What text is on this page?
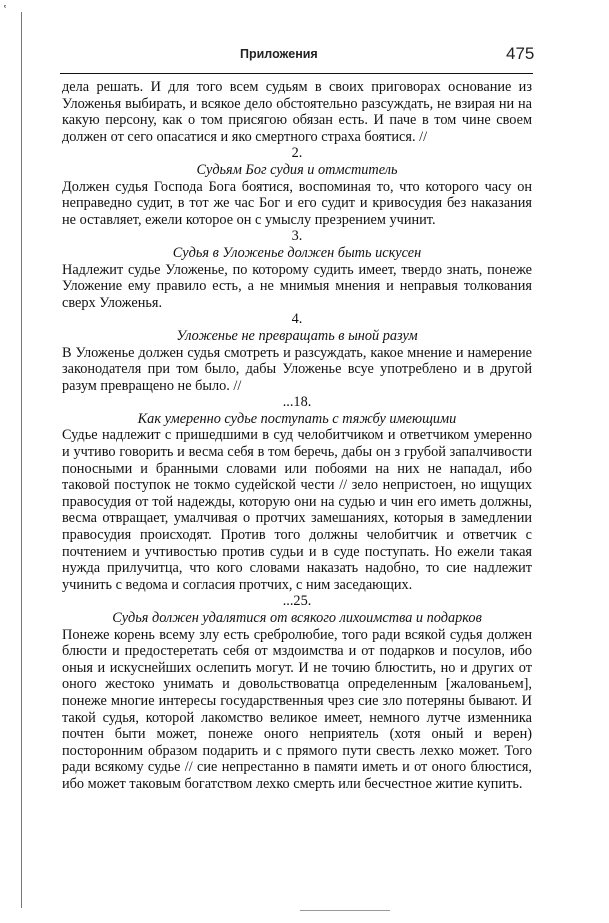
ʽ
Приложения	475

дела решать. И для того всем судьям в своих приговорах основание из Уложенья выбирать, и всякое дело обстоятельно разсуждать, не взирая ни на какую персону, как о том присягою обязан есть. И паче в том чине своем должен от сего опасатися и яко смертного страха боятися. //

2.
Судьям Бог судия и отмститель

Должен судья Господа Бога боятися, воспоминая то, что которого часу он неправедно судит, в тот же час Бог и его судит и кривосудия без наказания не оставляет, ежели которое он с умыслу презрением учинит.

3.
Судья в Уложенье должен быть искусен

Надлежит судье Уложенье, по которому судить имеет, твердо знать, понеже Уложение ему правило есть, а не мнимыя мнения и неправыя толкования сверх Уложенья.

4.
Уложенье не превращать в ыной разум

В Уложенье должен судья смотреть и разсуждать, какое мнение и намерение законодателя при том было, дабы Уложенье всуе употреблено и в другой разум превращено не было. //

...18.
Как умеренно судье поступать с тяжбу имеющими

Судье надлежит с пришедшими в суд челобитчиком и ответчиком умеренно и учтиво говорить и весма себя в том беречь, дабы он з грубой запалчивости поносными и бранными словами или побоями на них не нападал, ибо таковой поступок не токмо судейской чести // зело непристоен, но ищущих правосудия от той надежды, которую они на судью и чин его иметь должны, весма отвращает, умалчивая о протчих замешаниях, которыя в замедлении правосудия происходят. Против того должны челобитчик и ответчик с почтением и учтивостью против судьи и в суде поступать. Но ежели такая нужда прилучитца, что кого словами наказать надобно, то сие надлежит учинить с ведома и согласия протчих, с ним заседающих.

...25.
Судья должен удалятися от всякого лихоимства и подарков

Понеже корень всему злу есть сребролюбие, того ради всякой судья должен блюсти и предостеретать себя от мздоимства и от подарков и посулов, ибо оныя и искуснейших ослепить могут. И не точию блюстить, но и других от оного жестоко унимать и довольствоватца определенным [жалованьем], понеже многие интересы государственныя чрез сие зло потеряны бывают. И такой судья, которой лакомство великое имеет, немного лутче изменника почтен быти может, понеже оного неприятель (хотя оный и верен) посторонним образом подарить и с прямого пути свесть лехко может. Того ради всякому судье // сие непрестанно в памяти иметь и от оного блюстися, ибо может таковым богатством лехко смерть или бесчестное житие купить.
